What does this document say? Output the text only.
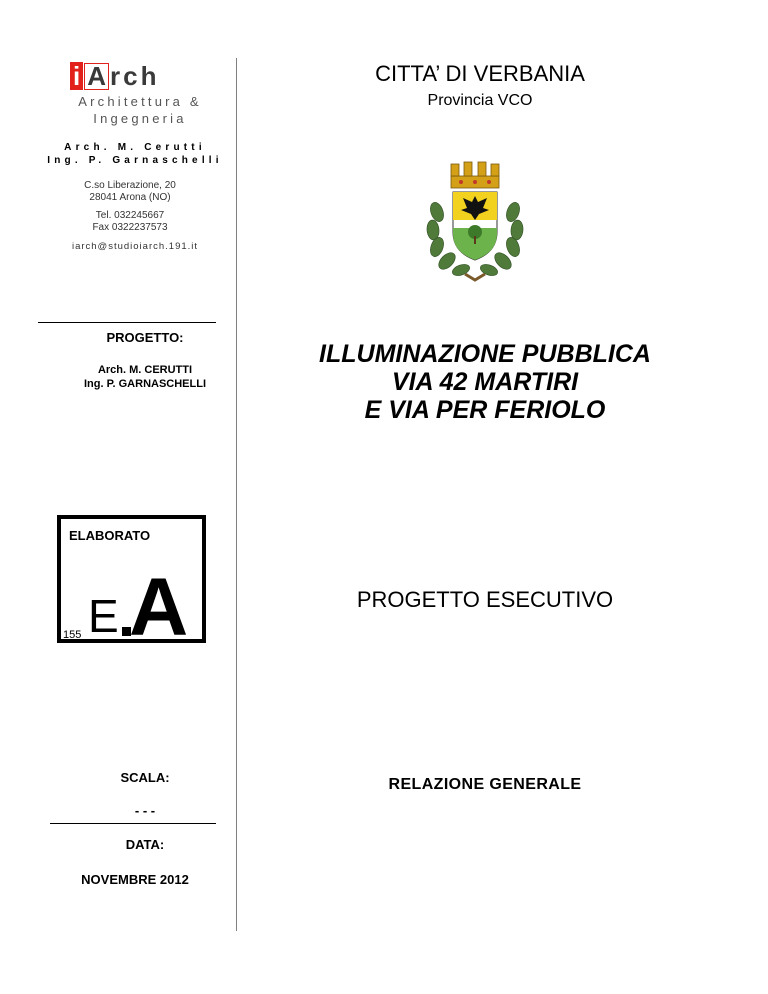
i A rch
Architettura &
Ingegneria
Arch. M. Cerutti
Ing. P. Garnaschelli
C.so Liberazione, 20
28041 Arona (NO)
Tel. 032245667
Fax 0322237573
iarch@studioiarch.191.it
PROGETTO:
Arch. M. CERUTTI
Ing. P. GARNASCHELLI
ELABORATO
155 E A
SCALA:
- - -
DATA:
NOVEMBRE 2012
CITTA’ DI VERBANIA
Provincia VCO
ILLUMINAZIONE PUBBLICA
VIA 42 MARTIRI
E VIA PER FERIOLO
PROGETTO ESECUTIVO
RELAZIONE GENERALE
